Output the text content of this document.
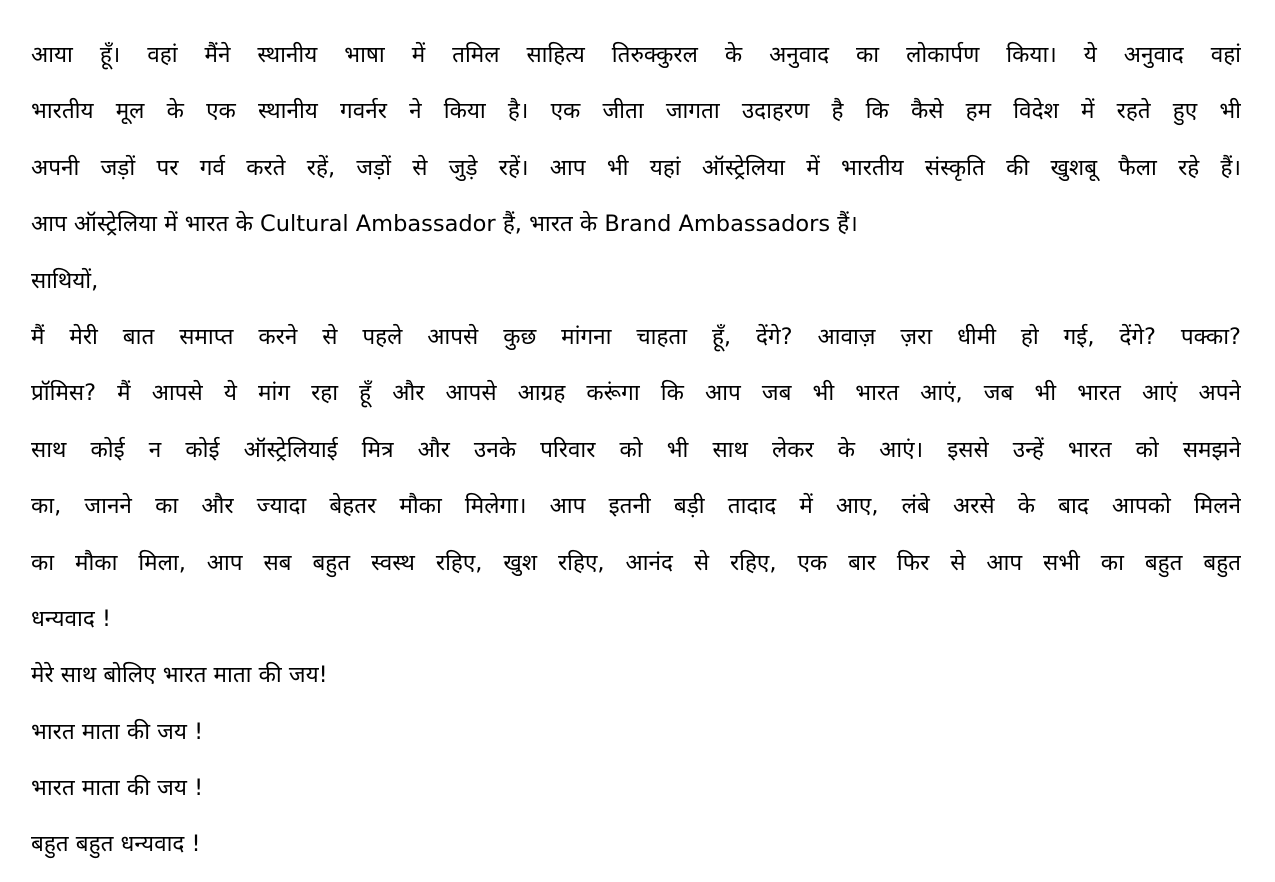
आया हूँ। वहां मैंने स्थानीय भाषा में तमिल साहित्य तिरुक्कुरल के अनुवाद का लोकार्पण किया। ये अनुवाद वहां
भारतीय मूल के एक स्थानीय गवर्नर ने किया है। एक जीता जागता उदाहरण है कि कैसे हम विदेश में रहते हुए भी
अपनी जड़ों पर गर्व करते रहें, जड़ों से जुड़े रहें। आप भी यहां ऑस्ट्रेलिया में भारतीय संस्कृति की खुशबू फैला रहे हैं।
आप ऑस्ट्रेलिया में भारत के Cultural Ambassador हैं, भारत के Brand Ambassadors हैं।
साथियों,
मैं मेरी बात समाप्त करने से पहले आपसे कुछ मांगना चाहता हूँ, देंगे? आवाज़ ज़रा धीमी हो गई, देंगे? पक्का?
प्रॉमिस? मैं आपसे ये मांग रहा हूँ और आपसे आग्रह करूंगा कि आप जब भी भारत आएं, जब भी भारत आएं अपने
साथ कोई न कोई ऑस्ट्रेलियाई मित्र और उनके परिवार को भी साथ लेकर के आएं। इससे उन्हें भारत को समझने
का, जानने का और ज्यादा बेहतर मौका मिलेगा। आप इतनी बड़ी तादाद में आए, लंबे अरसे के बाद आपको मिलने
का मौका मिला, आप सब बहुत स्वस्थ रहिए, खुश रहिए, आनंद से रहिए, एक बार फिर से आप सभी का बहुत बहुत
धन्यवाद !
मेरे साथ बोलिए भारत माता की जय!
भारत माता की जय !
भारत माता की जय !
बहुत बहुत धन्यवाद !
